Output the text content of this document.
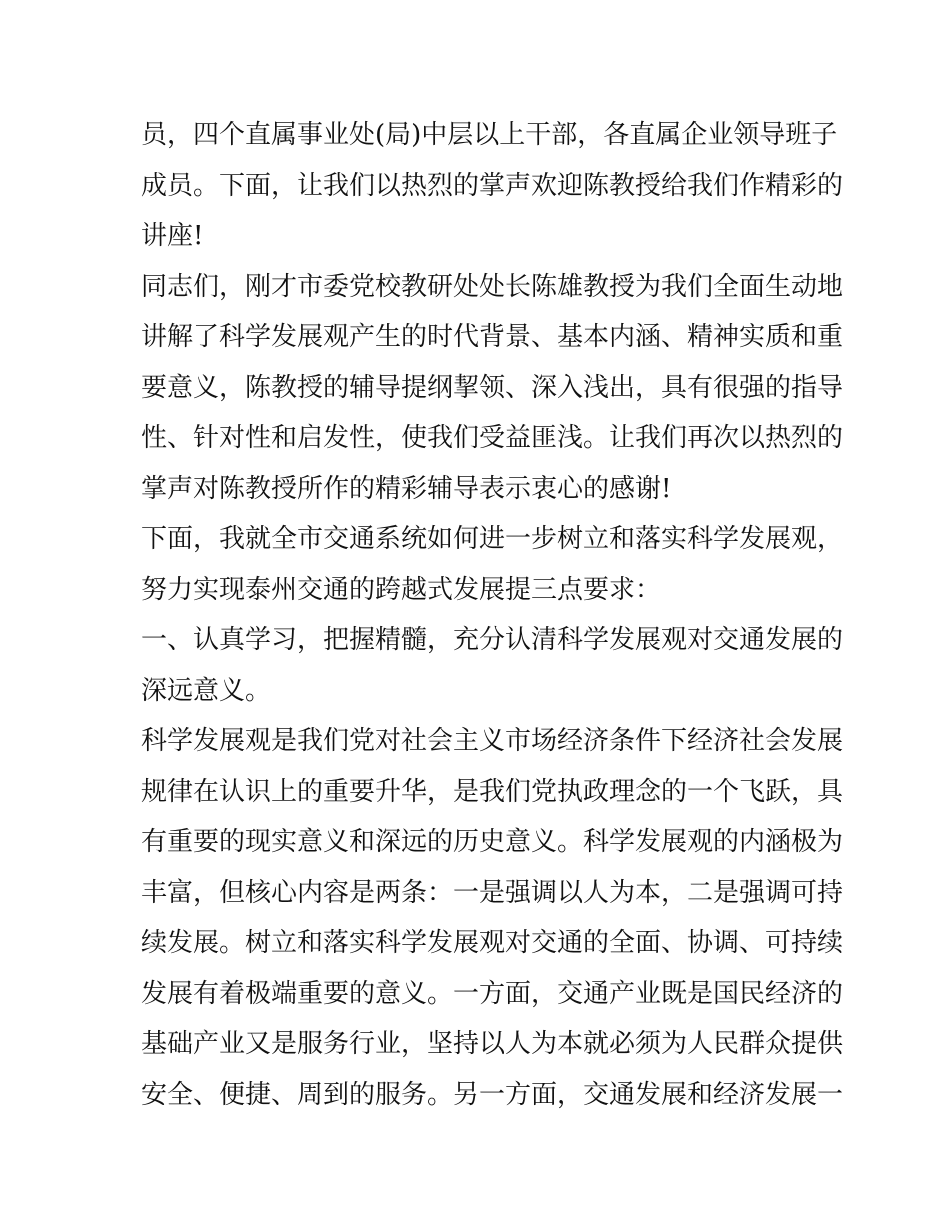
员，四个直属事业处(局)中层以上干部，各直属企业领导班子
成员。下面，让我们以热烈的掌声欢迎陈教授给我们作精彩的
讲座!
同志们，刚才市委党校教研处处长陈雄教授为我们全面生动地
讲解了科学发展观产生的时代背景、基本内涵、精神实质和重
要意义，陈教授的辅导提纲挈领、深入浅出，具有很强的指导
性、针对性和启发性，使我们受益匪浅。让我们再次以热烈的
掌声对陈教授所作的精彩辅导表示衷心的感谢!
下面，我就全市交通系统如何进一步树立和落实科学发展观，
努力实现泰州交通的跨越式发展提三点要求：
一、认真学习，把握精髓，充分认清科学发展观对交通发展的
深远意义。
科学发展观是我们党对社会主义市场经济条件下经济社会发展
规律在认识上的重要升华，是我们党执政理念的一个飞跃，具
有重要的现实意义和深远的历史意义。科学发展观的内涵极为
丰富，但核心内容是两条：一是强调以人为本，二是强调可持
续发展。树立和落实科学发展观对交通的全面、协调、可持续
发展有着极端重要的意义。一方面，交通产业既是国民经济的
基础产业又是服务行业，坚持以人为本就必须为人民群众提供
安全、便捷、周到的服务。另一方面，交通发展和经济发展一
